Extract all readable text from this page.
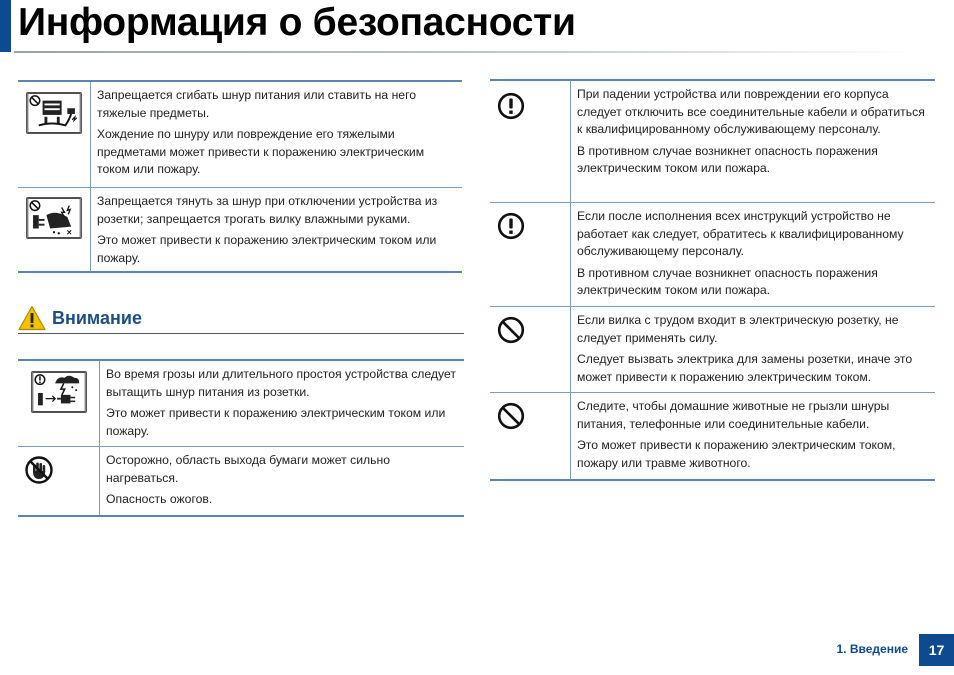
Информация о безопасности

Запрещается сгибать шнур питания или ставить на него тяжелые предметы.

Хождение по шнуру или повреждение его тяжелыми предметами может привести к поражению электрическим током или пожару.

Запрещается тянуть за шнур при отключении устройства из розетки; запрещается трогать вилку влажными руками.

Это может привести к поражению электрическим током или пожару.

Внимание

Во время грозы или длительного простоя устройства следует вытащить шнур питания из розетки.

Это может привести к поражению электрическим током или пожару.

Осторожно, область выхода бумаги может сильно нагреваться.

Опасность ожогов.

При падении устройства или повреждении его корпуса следует отключить все соединительные кабели и обратиться к квалифицированному обслуживающему персоналу.

В противном случае возникнет опасность поражения электрическим током или пожара.

Если после исполнения всех инструкций устройство не работает как следует, обратитесь к квалифицированному обслуживающему персоналу.

В противном случае возникнет опасность поражения электрическим током или пожара.

Если вилка с трудом входит в электрическую розетку, не следует применять силу.

Следует вызвать электрика для замены розетки, иначе это может привести к поражению электрическим током.

Следите, чтобы домашние животные не грызли шнуры питания, телефонные или соединительные кабели.

Это может привести к поражению электрическим током, пожару или травме животного.

1. Введение	17
